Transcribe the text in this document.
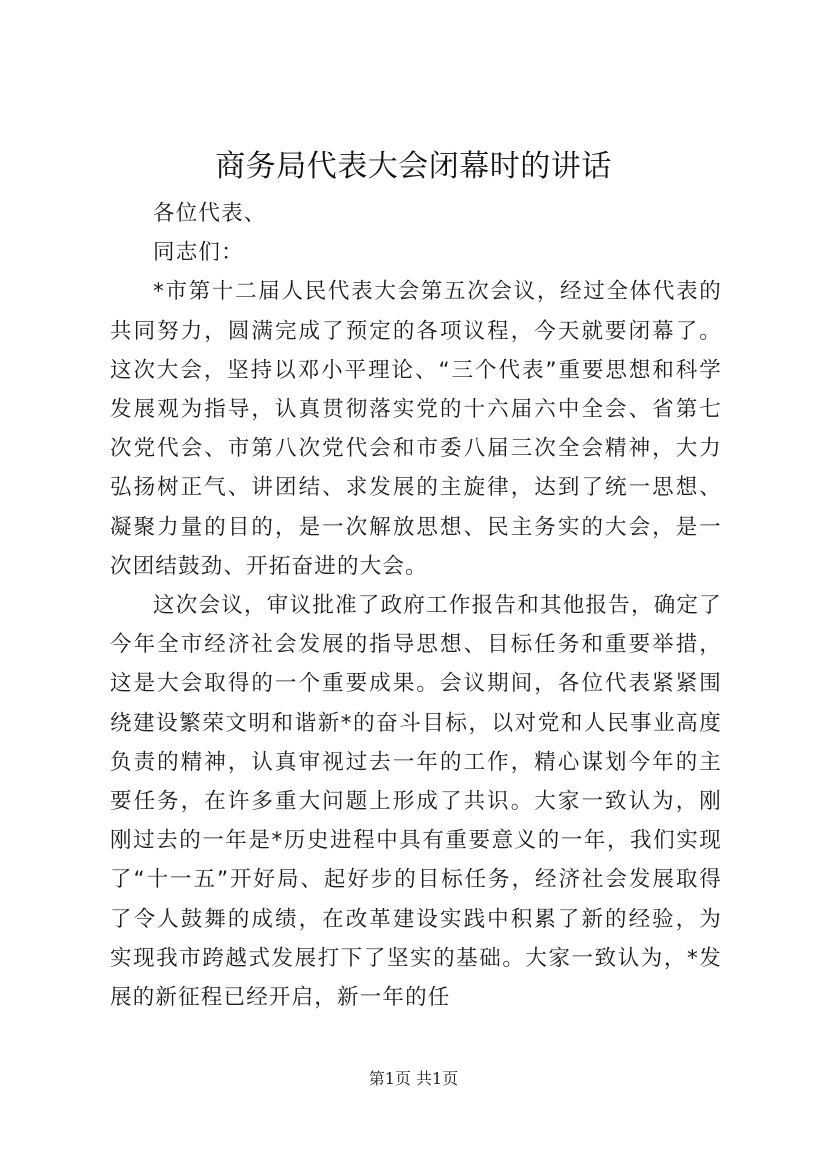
商务局代表大会闭幕时的讲话

各位代表、

同志们：

*市第十二届人民代表大会第五次会议，经过全体代表的共同努力，圆满完成了预定的各项议程，今天就要闭幕了。这次大会，坚持以邓小平理论、“三个代表”重要思想和科学发展观为指导，认真贯彻落实党的十六届六中全会、省第七次党代会、市第八次党代会和市委八届三次全会精神，大力弘扬树正气、讲团结、求发展的主旋律，达到了统一思想、凝聚力量的目的，是一次解放思想、民主务实的大会，是一次团结鼓劲、开拓奋进的大会。

这次会议，审议批准了政府工作报告和其他报告，确定了今年全市经济社会发展的指导思想、目标任务和重要举措，这是大会取得的一个重要成果。会议期间，各位代表紧紧围绕建设繁荣文明和谐新*的奋斗目标，以对党和人民事业高度负责的精神，认真审视过去一年的工作，精心谋划今年的主要任务，在许多重大问题上形成了共识。大家一致认为，刚刚过去的一年是*历史进程中具有重要意义的一年，我们实现了“十一五”开好局、起好步的目标任务，经济社会发展取得了令人鼓舞的成绩，在改革建设实践中积累了新的经验，为实现我市跨越式发展打下了坚实的基础。大家一致认为，*发展的新征程已经开启，新一年的任

第1页 共1页
